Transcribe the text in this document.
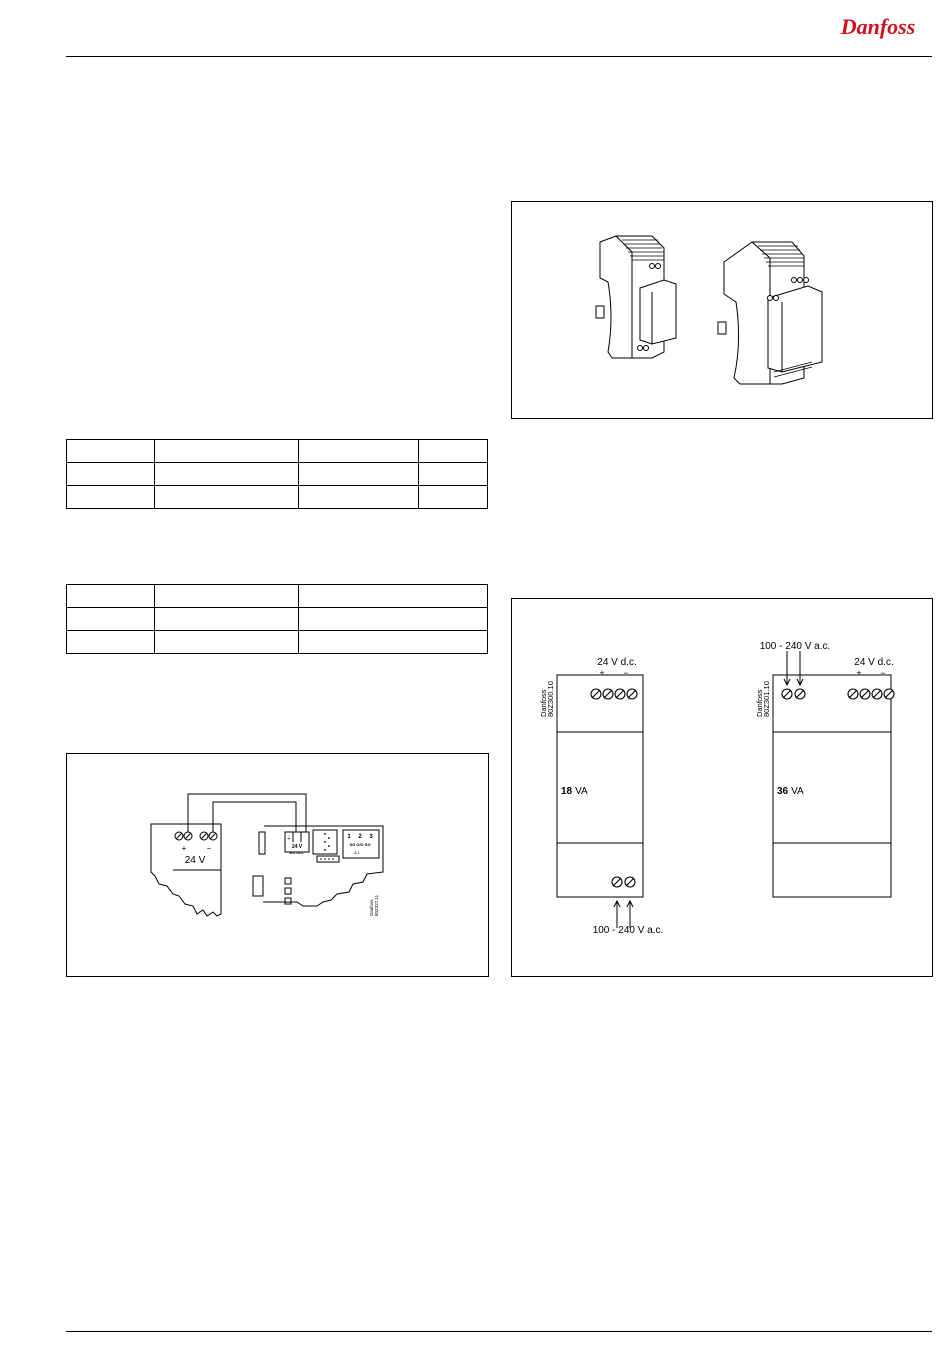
Danfoss

+	−
24 V
⏚
24 V
a.c./d.c.
1 2 3
SG O/O SG
A 1
Danfoss 80Z327.11
24 V d.c.
+ −
Danfoss
80Z300.10
18 VA
100 - 240 V a.c.
100 - 240 V a.c.
24 V d.c.
+ −
Danfoss
80Z301.10
36 VA
